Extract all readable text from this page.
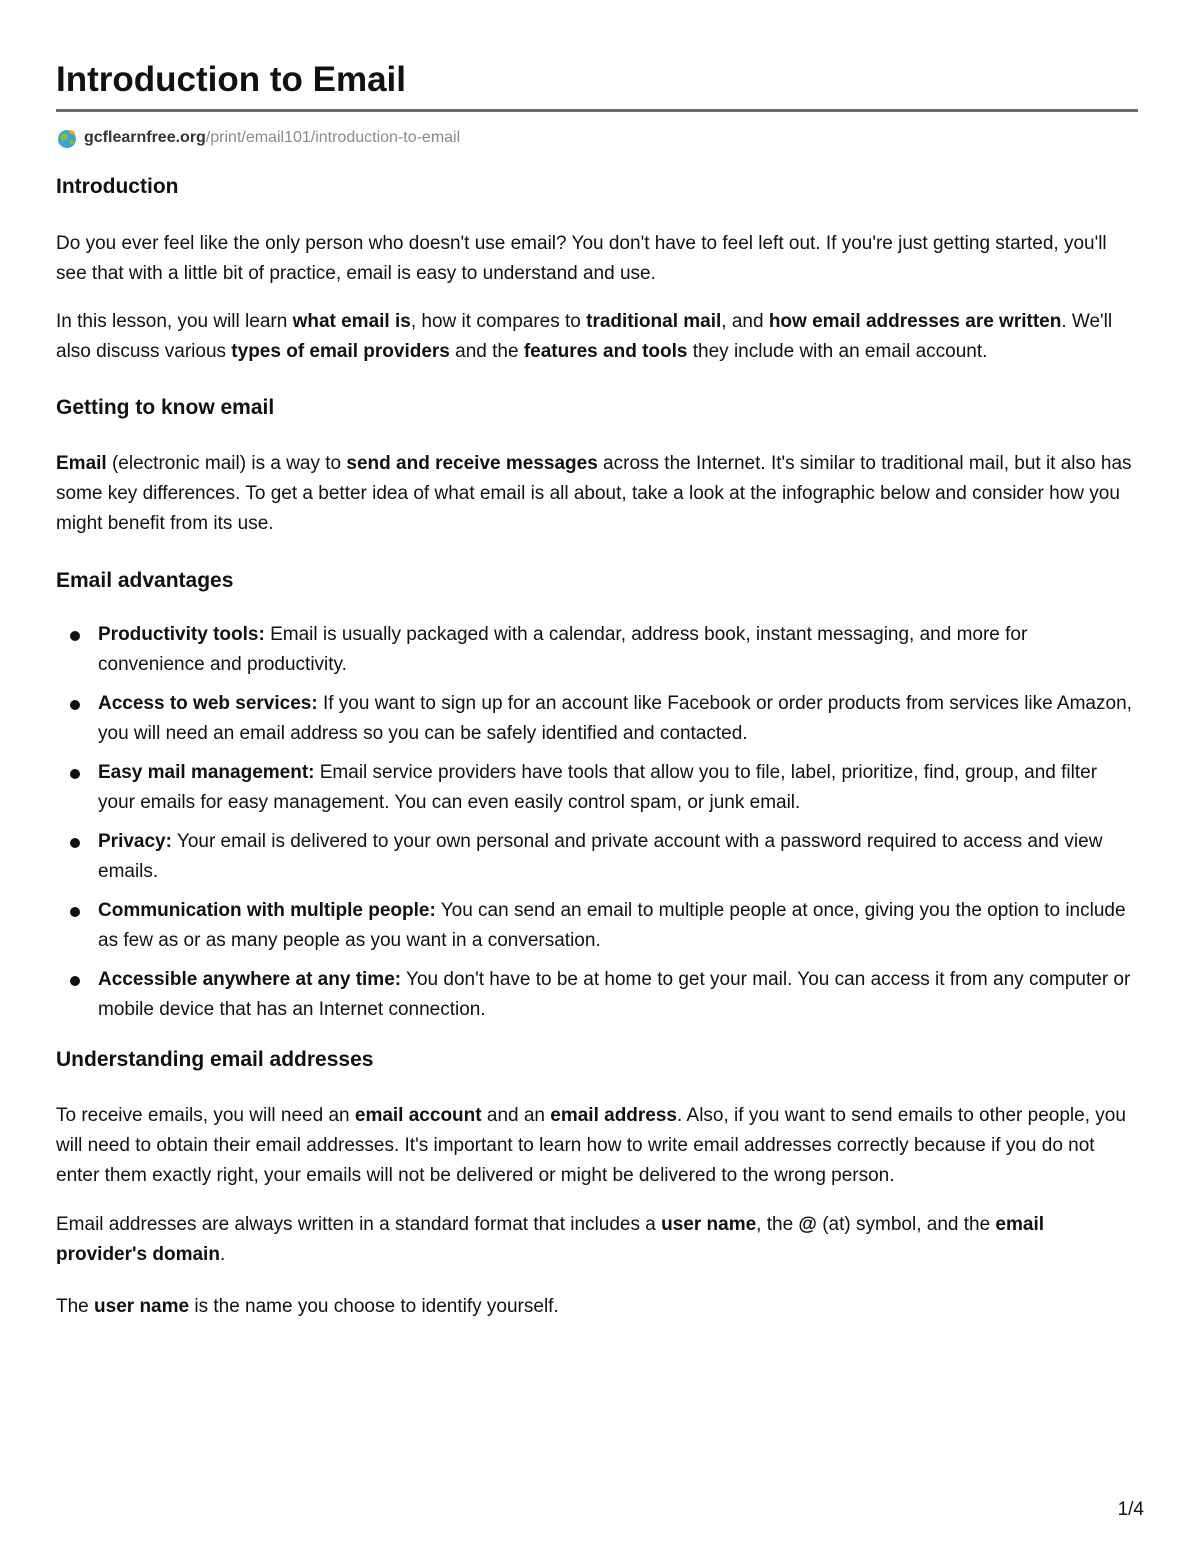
Introduction to Email
gcflearnfree.org/print/email101/introduction-to-email
Introduction

Do you ever feel like the only person who doesn't use email? You don't have to feel left out. If you're just getting started, you'll see that with a little bit of practice, email is easy to understand and use.

In this lesson, you will learn what email is, how it compares to traditional mail, and how email addresses are written. We'll also discuss various types of email providers and the features and tools they include with an email account.

Getting to know email

Email (electronic mail) is a way to send and receive messages across the Internet. It's similar to traditional mail, but it also has some key differences. To get a better idea of what email is all about, take a look at the infographic below and consider how you might benefit from its use.

Email advantages
Productivity tools: Email is usually packaged with a calendar, address book, instant messaging, and more for convenience and productivity.
Access to web services: If you want to sign up for an account like Facebook or order products from services like Amazon, you will need an email address so you can be safely identified and contacted.
Easy mail management: Email service providers have tools that allow you to file, label, prioritize, find, group, and filter your emails for easy management. You can even easily control spam, or junk email.
Privacy: Your email is delivered to your own personal and private account with a password required to access and view emails.
Communication with multiple people: You can send an email to multiple people at once, giving you the option to include as few as or as many people as you want in a conversation.
Accessible anywhere at any time: You don't have to be at home to get your mail. You can access it from any computer or mobile device that has an Internet connection.
Understanding email addresses

To receive emails, you will need an email account and an email address. Also, if you want to send emails to other people, you will need to obtain their email addresses. It's important to learn how to write email addresses correctly because if you do not enter them exactly right, your emails will not be delivered or might be delivered to the wrong person.

Email addresses are always written in a standard format that includes a user name, the @ (at) symbol, and the email provider's domain.

The user name is the name you choose to identify yourself.

1/4
